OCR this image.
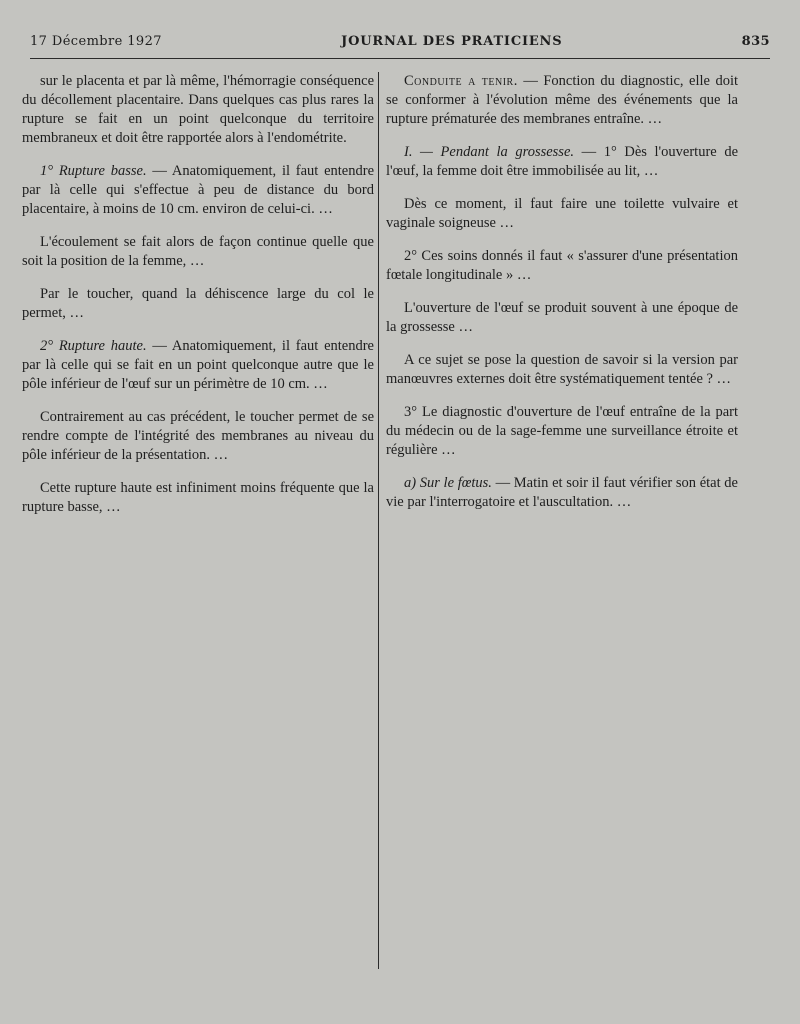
17 Décembre 1927	JOURNAL DES PRATICIENS	835

sur le placenta et par là même, l'hémorragie conséquence du décollement placentaire. Dans quelques cas plus rares la rupture se fait en un point quelconque du territoire membraneux et doit être rapportée alors à l'endométrite.

1° Rupture basse. — Anatomiquement, il faut entendre par là celle qui s'effectue à peu de distance du bord placentaire, à moins de 10 cm. environ de celui-ci. …

L'écoulement se fait alors de façon continue quelle que soit la position de la femme, …

Par le toucher, quand la déhiscence large du col le permet, …

2° Rupture haute. — Anatomiquement, il faut entendre par là celle qui se fait en un point quelconque autre que le pôle inférieur de l'œuf sur un périmètre de 10 cm. …

Contrairement au cas précédent, le toucher permet de se rendre compte de l'intégrité des membranes au niveau du pôle inférieur de la présentation. …

Cette rupture haute est infiniment moins fréquente que la rupture basse, …

Conduite a tenir. — Fonction du diagnostic, elle doit se conformer à l'évolution même des événements que la rupture prématurée des membranes entraîne. …

I. — Pendant la grossesse. — 1° Dès l'ouverture de l'œuf, la femme doit être immobilisée au lit, …

Dès ce moment, il faut faire une toilette vulvaire et vaginale soigneuse …

2° Ces soins donnés il faut « s'assurer d'une présentation fœtale longitudinale » …

L'ouverture de l'œuf se produit souvent à une époque de la grossesse …

A ce sujet se pose la question de savoir si la version par manœuvres externes doit être systématiquement tentée ? …

3° Le diagnostic d'ouverture de l'œuf entraîne de la part du médecin ou de la sage-femme une surveillance étroite et régulière …

a) Sur le fœtus. — Matin et soir il faut vérifier son état de vie par l'interrogatoire et l'auscultation. …
